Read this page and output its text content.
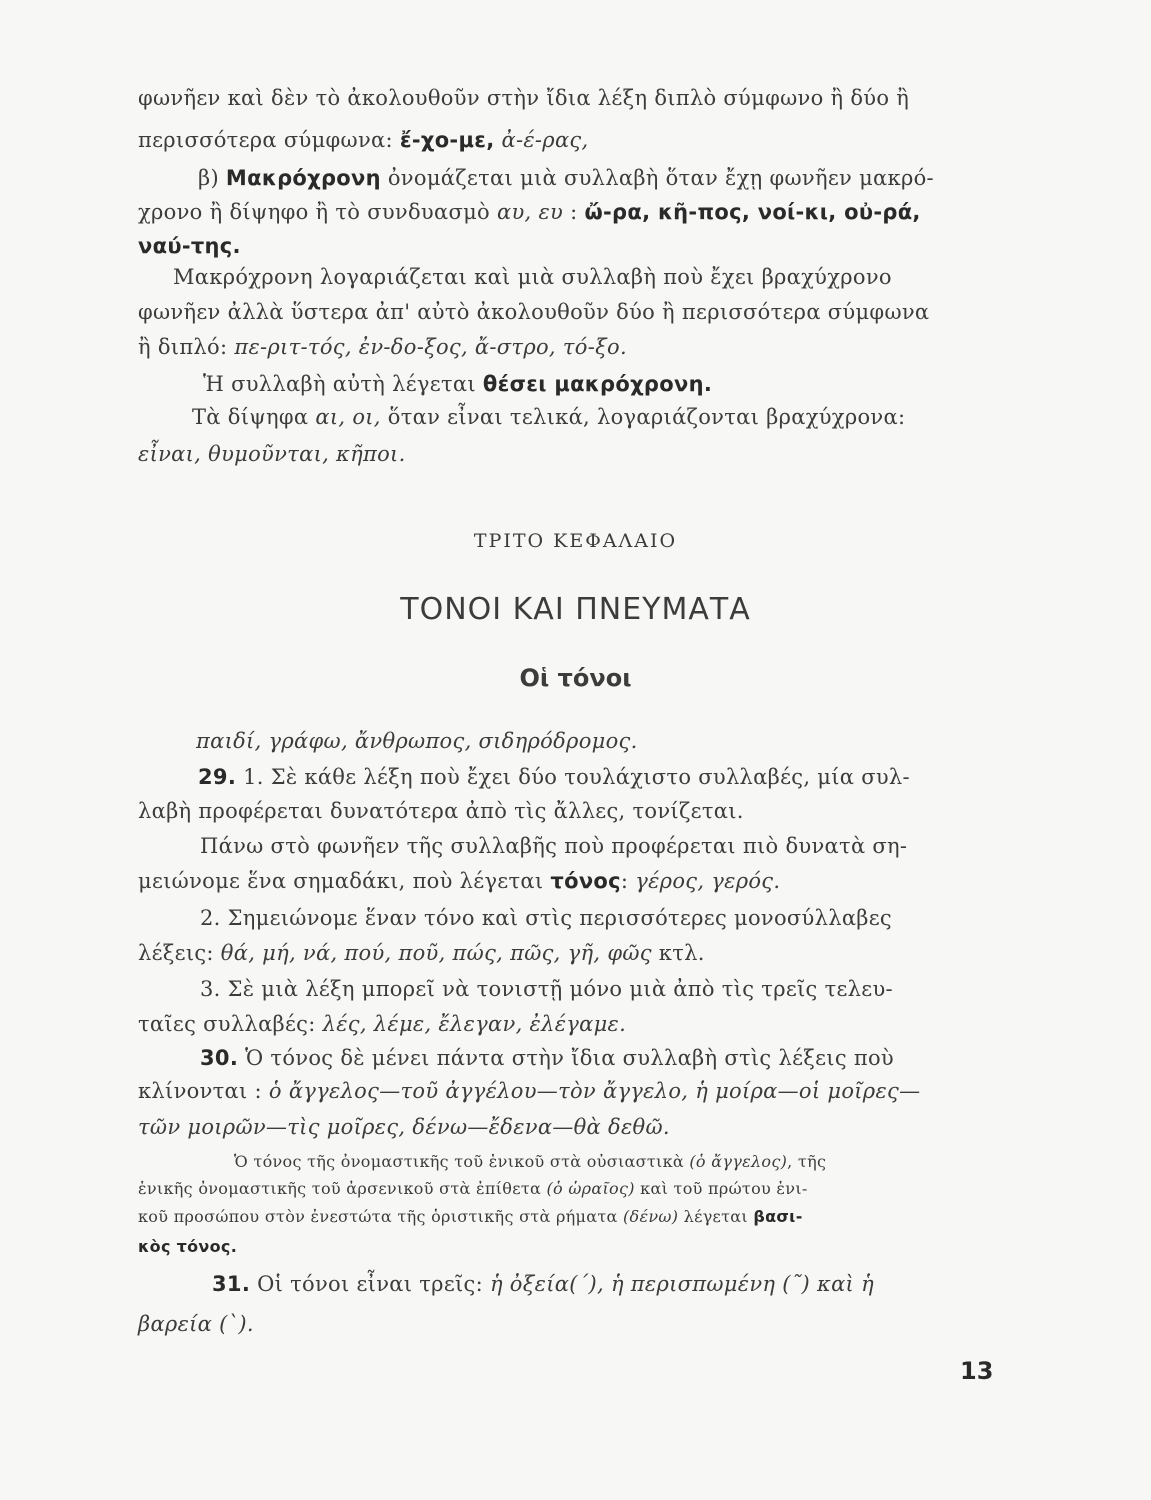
φωνῆεν καὶ δὲν τὸ ἀκολουθοῦν στὴν ἴδια λέξη διπλὸ σύμφωνο ἢ δύο ἢ
περισσότερα σύμφωνα: ἔ-χο-με, ἀ-έ-ρας,
β) Μακρόχρονη ὀνομάζεται μιὰ συλλαβὴ ὅταν ἔχῃ φωνῆεν μακρό-
χρονο ἢ δίψηφο ἢ τὸ συνδυασμὸ αυ, ευ : ὤ-ρα, κῆ-πος, νοί-κι, οὐ-ρά,
ναύ-της.
Μακρόχρονη λογαριάζεται καὶ μιὰ συλλαβὴ ποὺ ἔχει βραχύχρονο
φωνῆεν ἀλλὰ ὕστερα ἀπ' αὐτὸ ἀκολουθοῦν δύο ἢ περισσότερα σύμφωνα
ἢ διπλό: πε-ριτ-τός, ἐν-δο-ξος, ἄ-στρο, τό-ξο.
Ἡ συλλαβὴ αὐτὴ λέγεται θέσει μακρόχρονη.
Τὰ δίψηφα αι, οι, ὅταν εἶναι τελικά, λογαριάζονται βραχύχρονα:
εἶναι, θυμοῦνται, κῆποι.
ΤΡΙΤΟ ΚΕΦΑΛΑΙΟ
ΤΟΝΟΙ ΚΑΙ ΠΝΕΥΜΑΤΑ
Οἱ τόνοι
παιδί, γράφω, ἄνθρωπος, σιδηρόδρομος.
29. 1. Σὲ κάθε λέξη ποὺ ἔχει δύο τουλάχιστο συλλαβές, μία συλ-
λαβὴ προφέρεται δυνατότερα ἀπὸ τὶς ἄλλες, τονίζεται.
Πάνω στὸ φωνῆεν τῆς συλλαβῆς ποὺ προφέρεται πιὸ δυνατὰ ση-
μειώνομε ἕνα σημαδάκι, ποὺ λέγεται τόνος: γέρος, γερός.
2. Σημειώνομε ἕναν τόνο καὶ στὶς περισσότερες μονοσύλλαβες
λέξεις: θά, μή, νά, πού, ποῦ, πώς, πῶς, γῆ, φῶς κτλ.
3. Σὲ μιὰ λέξη μπορεῖ νὰ τονιστῇ μόνο μιὰ ἀπὸ τὶς τρεῖς τελευ-
ταῖες συλλαβές: λές, λέμε, ἔλεγαν, ἐλέγαμε.
30. Ὁ τόνος δὲ μένει πάντα στὴν ἴδια συλλαβὴ στὶς λέξεις ποὺ
κλίνονται : ὁ ἄγγελος—τοῦ ἀγγέλου—τὸν ἄγγελο, ἡ μοίρα—οἱ μοῖρες—
τῶν μοιρῶν—τὶς μοῖρες, δένω—ἔδενα—θὰ δεθῶ.
Ὁ τόνος τῆς ὀνομαστικῆς τοῦ ἑνικοῦ στὰ οὐσιαστικὰ (ὁ ἄγγελος), τῆς
ἑνικῆς ὀνομαστικῆς τοῦ ἀρσενικοῦ στὰ ἐπίθετα (ὁ ὡραῖος) καὶ τοῦ πρώτου ἑνι-
κοῦ προσώπου στὸν ἐνεστώτα τῆς ὁριστικῆς στὰ ρήματα (δένω) λέγεται βασι-
κὸς τόνος.
31. Οἱ τόνοι εἶναι τρεῖς: ἡ ὀξεία(´), ἡ περισπωμένη (῀) καὶ ἡ
βαρεία (`).
13
